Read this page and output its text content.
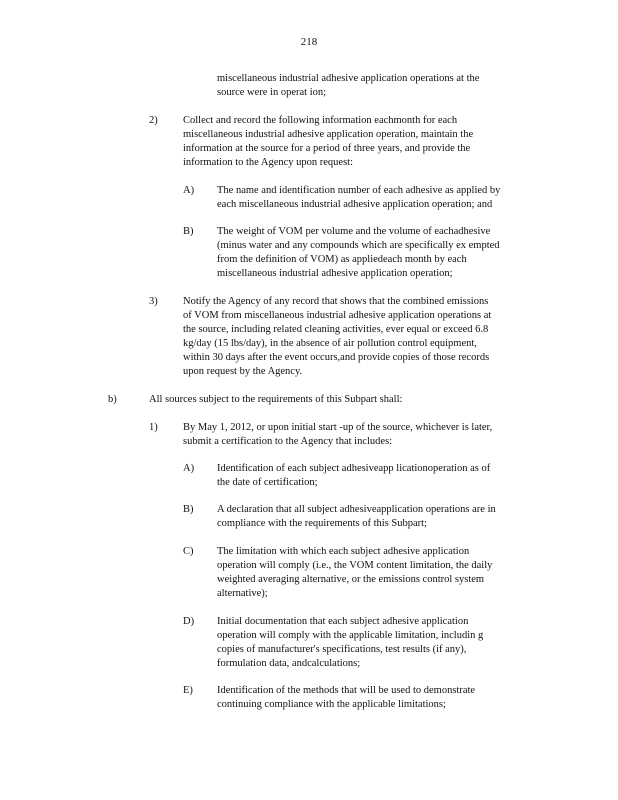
218
miscellaneous industrial adhesive application operations at the
source were in operat ion;
2) Collect and record the following information eachmonth for each
miscellaneous industrial adhesive application operation, maintain the
information at the source for a period of three years, and provide the
information to the Agency upon request:
A) The name and identification number of each adhesive as applied by
each miscellaneous industrial adhesive application operation; and
B) The weight of VOM per volume and the volume of eachadhesive
(minus water and any compounds which are specifically ex empted
from the definition of VOM) as appliedeach month by each
miscellaneous industrial adhesive application operation;
3) Notify the Agency of any record that shows that the combined emissions
of VOM from miscellaneous industrial adhesive application operations at
the source, including related cleaning activities, ever equal or exceed 6.8
kg/day (15 lbs/day), in the absence of air pollution control equipment,
within 30 days after the event occurs,and provide copies of those records
upon request by the Agency.
b)	All sources subject to the requirements of this Subpart shall:
1) By May 1, 2012, or upon initial start -up of the source, whichever is later,
submit a certification to the Agency that includes:
A) Identification of each subject adhesiveapp licationoperation as of
the date of certification;
B) A declaration that all subject adhesiveapplication operations are in
compliance with the requirements of this Subpart;
C) The limitation with which each subject adhesive application
operation will comply (i.e., the VOM content limitation, the daily
weighted averaging alternative, or the emissions control system
alternative);
D) Initial documentation that each subject adhesive application
operation will comply with the applicable limitation, includin g
copies of manufacturer's specifications, test results (if any),
formulation data, andcalculations;
E) Identification of the methods that will be used to demonstrate
continuing compliance with the applicable limitations;
